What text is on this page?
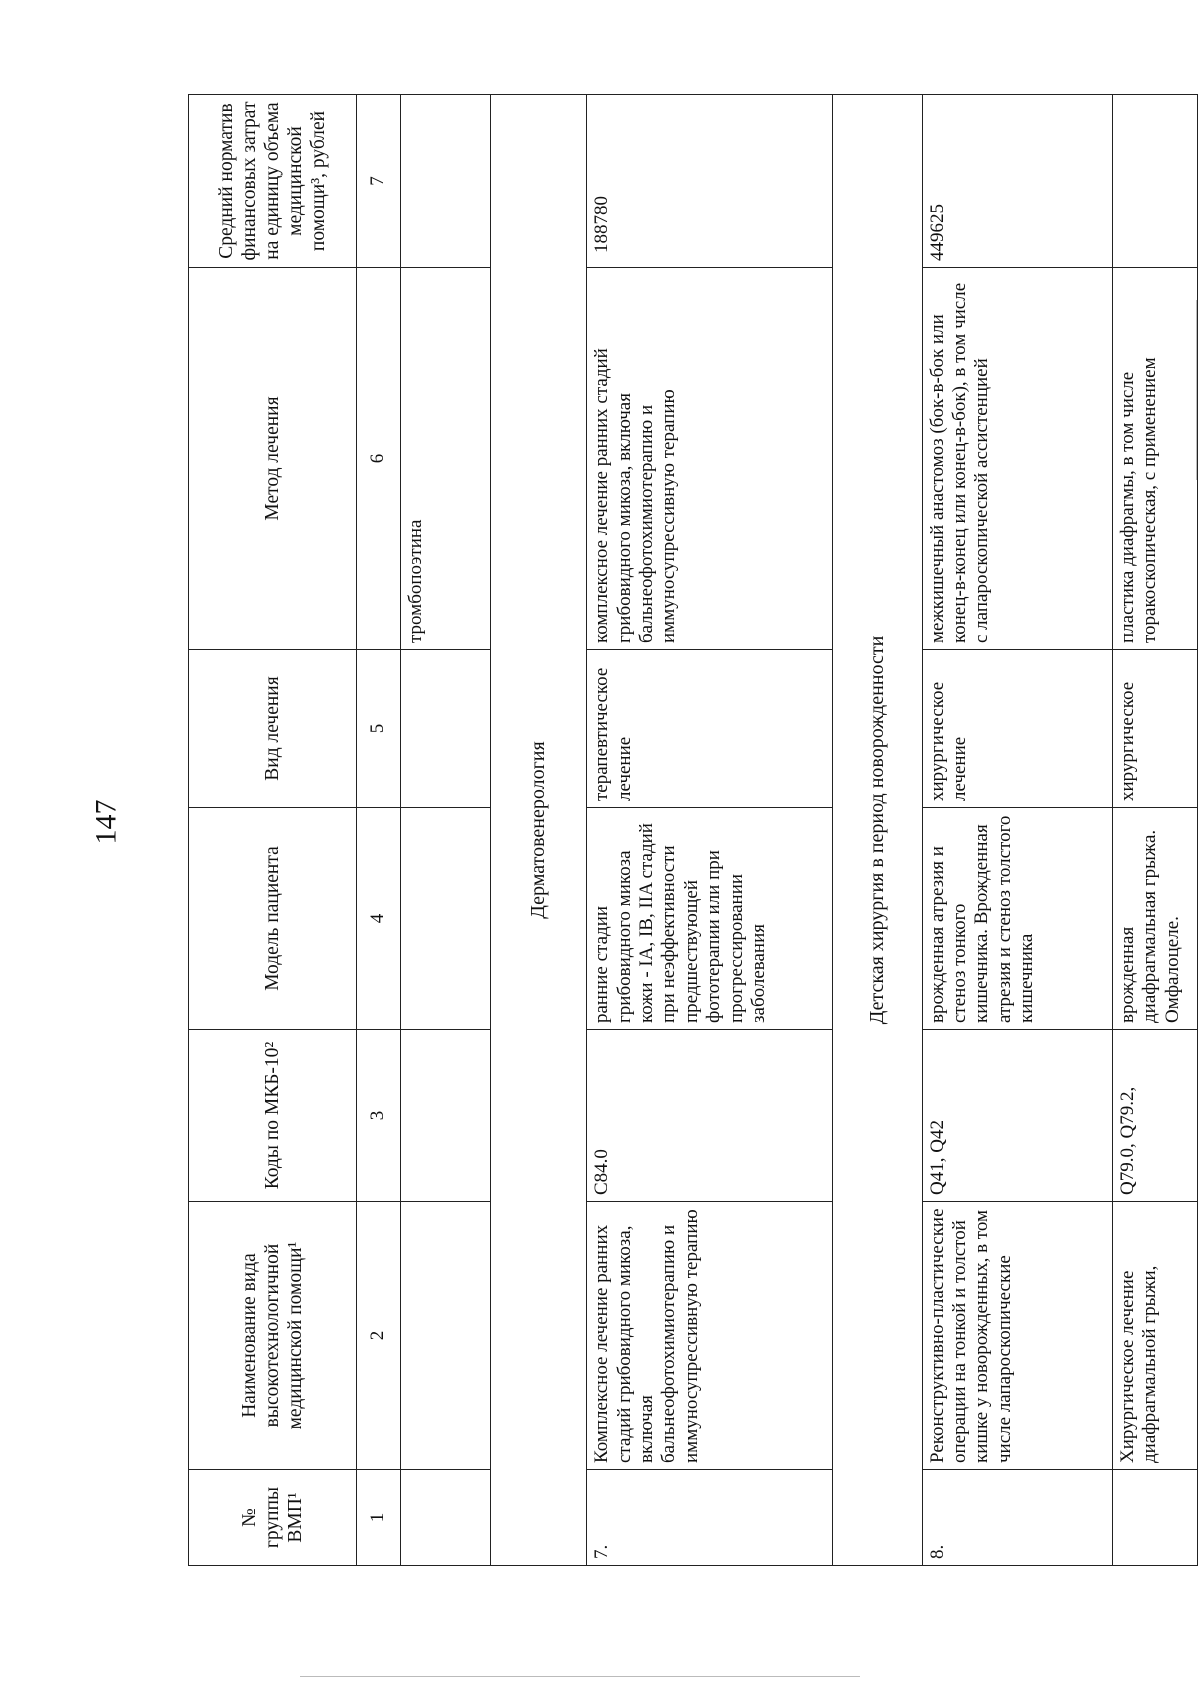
147
№ группы ВМП¹	Наименование вида высокотехнологичной медицинской помощи¹	Коды по МКБ-10²	Модель пациента	Вид лечения	Метод лечения	Средний норматив финансовых затрат на единицу объема медицинской помощи³, рублей
1	2	3	4	5	6	7
					тромбопоэтина	
Дерматовенерология						
7.	Комплексное лечение ранних стадий грибовидного микоза, включая бальнеофотохимиотерапию и иммуносупрессивную терапию	C84.0	ранние стадии грибовидного микоза кожи - IA, IB, IIA стадий при неэффективности предшествующей фототерапии или при прогрессировании заболевания	терапевтическое лечение	комплексное лечение ранних стадий грибовидного микоза, включая бальнеофотохимиотерапию и иммуносупрессивную терапию	188780
Детская хирургия в период новорожденности						
8.	Реконструктивно-пластические операции на тонкой и толстой кишке у новорожденных, в том числе лапароскопические	Q41, Q42	врожденная атрезия и стеноз тонкого кишечника. Врожденная атрезия и стеноз толстого кишечника	хирургическое лечение	межкишечный анастомоз (бок-в-бок или конец-в-конец или конец-в-бок), в том числе с лапароскопической ассистенцией	449625
	Хирургическое лечение диафрагмальной грыжи,	Q79.0, Q79.2,	врожденная диафрагмальная грыжа. Омфалоцеле.	хирургическое	пластика диафрагмы, в том числе торакоскопическая, с применением	
